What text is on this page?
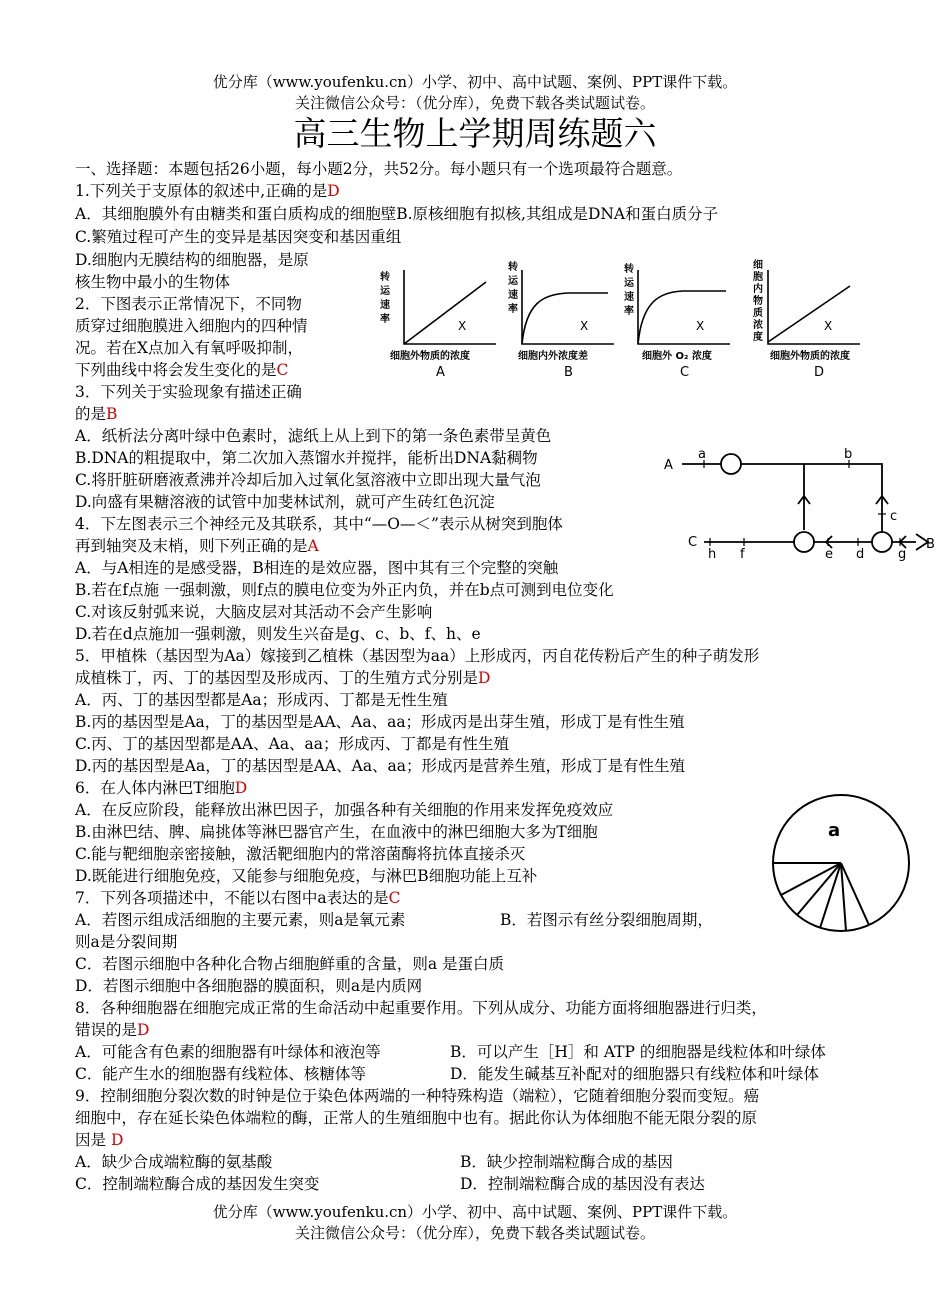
优分库（www.youfenku.cn）小学、初中、高中试题、案例、PPT课件下载。
关注微信公众号：（优分库），免费下载各类试题试卷。
高三生物上学期周练题六
一、选择题：本题包括26小题，每小题2分，共52分。每小题只有一个选项最符合题意。
1.下列关于支原体的叙述中,正确的是D
A．其细胞膜外有由糖类和蛋白质构成的细胞壁B.原核细胞有拟核,其组成是DNA和蛋白质分子
C.繁殖过程可产生的变异是基因突变和基因重组
D.细胞内无膜结构的细胞器，是原
核生物中最小的生物体
2．下图表示正常情况下，不同物
质穿过细胞膜进入细胞内的四种情
况。若在X点加入有氧呼吸抑制，
下列曲线中将会发生变化的是C
转
运
速
率
细胞外物质的浓度
转
运
速
率
细胞内外浓度差
转
运
速
率
细胞外 O₂ 浓度
细
胞
内
物
质
浓
度
细胞外物质的浓度
X	X	X	X
A	B	C	D
3．下列关于实验现象有描述正确
的是B
A．纸析法分离叶绿中色素时，滤纸上从上到下的第一条色素带呈黄色
B.DNA的粗提取中，第二次加入蒸馏水并搅拌，能析出DNA黏稠物
C.将肝脏研磨液煮沸并冷却后加入过氧化氢溶液中立即出现大量气泡
D.向盛有果糖溶液的试管中加斐林试剂，就可产生砖红色沉淀
A
a	b
c
C
h f	e d	g
B
4．下左图表示三个神经元及其联系，其中“—O—＜”表示从树突到胞体
再到轴突及末梢，则下列正确的是A
A．与A相连的是感受器，B相连的是效应器，图中其有三个完整的突触
B.若在f点施 一强刺激，则f点的膜电位变为外正内负，并在b点可测到电位变化
C.对该反射弧来说，大脑皮层对其活动不会产生影响
D.若在d点施加一强刺激，则发生兴奋是g、c、b、f、h、e
5．甲植株（基因型为Aa）嫁接到乙植株（基因型为aa）上形成丙，丙自花传粉后产生的种子萌发形
成植株丁，丙、丁的基因型及形成丙、丁的生殖方式分别是D
A．丙、丁的基因型都是Aa；形成丙、丁都是无性生殖
B.丙的基因型是Aa，丁的基因型是AA、Aa、aa；形成丙是出芽生殖，形成丁是有性生殖
C.丙、丁的基因型都是AA、Aa、aa；形成丙、丁都是有性生殖
D.丙的基因型是Aa，丁的基因型是AA、Aa、aa；形成丙是营养生殖，形成丁是有性生殖
6．在人体内淋巴T细胞D
A．在反应阶段，能释放出淋巴因子，加强各种有关细胞的作用来发挥免疫效应
B.由淋巴结、脾、扁挑体等淋巴器官产生，在血液中的淋巴细胞大多为T细胞
C.能与靶细胞亲密接触，激活靶细胞内的常溶菌酶将抗体直接杀灭
D.既能进行细胞免疫，又能参与细胞免疫，与淋巴B细胞功能上互补
a
7．下列各项描述中，不能以右图中a表达的是C
A．若图示组成活细胞的主要元素，则a是氧元素	B．若图示有丝分裂细胞周期，
则a是分裂间期
C．若图示细胞中各种化合物占细胞鲜重的含量，则a 是蛋白质
D．若图示细胞中各细胞器的膜面积，则a是内质网
8．各种细胞器在细胞完成正常的生命活动中起重要作用。下列从成分、功能方面将细胞器进行归类，
错误的是D
A．可能含有色素的细胞器有叶绿体和液泡等	B．可以产生［H］和 ATP 的细胞器是线粒体和叶绿体
C．能产生水的细胞器有线粒体、核糖体等	D．能发生碱基互补配对的细胞器只有线粒体和叶绿体
9．控制细胞分裂次数的时钟是位于染色体两端的一种特殊构造（端粒），它随着细胞分裂而变短。癌
细胞中，存在延长染色体端粒的酶，正常人的生殖细胞中也有。据此你认为体细胞不能无限分裂的原
因是 D
A．缺少合成端粒酶的氨基酸	B．缺少控制端粒酶合成的基因
C．控制端粒酶合成的基因发生突变	D．控制端粒酶合成的基因没有表达
优分库（www.youfenku.cn）小学、初中、高中试题、案例、PPT课件下载。
关注微信公众号：（优分库），免费下载各类试题试卷。
